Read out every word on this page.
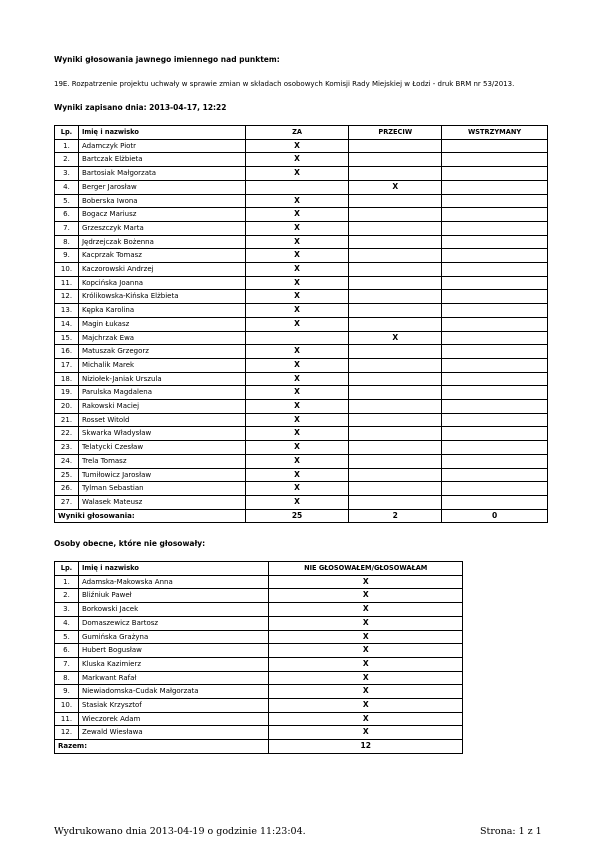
Wyniki głosowania jawnego imiennego nad punktem:
19E. Rozpatrzenie projektu uchwały w sprawie zmian w składach osobowych Komisji Rady Miejskiej w Łodzi - druk BRM nr 53/2013.
Wyniki zapisano dnia: 2013-04-17, 12:22
Lp.	Imię i nazwisko	ZA	PRZECIW	WSTRZYMANY
1.	Adamczyk Piotr	X		
2.	Bartczak Elżbieta	X		
3.	Bartosiak Małgorzata	X		
4.	Berger Jarosław		X	
5.	Boberska Iwona	X		
6.	Bogacz Mariusz	X		
7.	Grzeszczyk Marta	X		
8.	Jędrzejczak Bożenna	X		
9.	Kacprzak Tomasz	X		
10.	Kaczorowski Andrzej	X		
11.	Kopcińska Joanna	X		
12.	Królikowska-Kińska Elżbieta	X		
13.	Kępka Karolina	X		
14.	Magin Łukasz	X		
15.	Majchrzak Ewa		X	
16.	Matuszak Grzegorz	X		
17.	Michalik Marek	X		
18.	Niziołek-Janiak Urszula	X		
19.	Parulska Magdalena	X		
20.	Rakowski Maciej	X		
21.	Rosset Witold	X		
22.	Skwarka Władysław	X		
23.	Telatycki Czesław	X		
24.	Trela Tomasz	X		
25.	Tumiłowicz Jarosław	X		
26.	Tylman Sebastian	X		
27.	Walasek Mateusz	X		
Wyniki głosowania:		25	2	0
Osoby obecne, które nie głosowały:
Lp.	Imię i nazwisko	NIE GŁOSOWAŁEM/GŁOSOWAŁAM
1.	Adamska-Makowska Anna	X
2.	Bliźniuk Paweł	X
3.	Borkowski Jacek	X
4.	Domaszewicz Bartosz	X
5.	Gumińska Grażyna	X
6.	Hubert Bogusław	X
7.	Kluska Kazimierz	X
8.	Markwant Rafał	X
9.	Niewiadomska-Cudak Małgorzata	X
10.	Stasiak Krzysztof	X
11.	Wieczorek Adam	X
12.	Zewald Wiesława	X
Razem:		12
Wydrukowano dnia 2013-04-19 o godzinie 11:23:04.	Strona: 1 z 1
